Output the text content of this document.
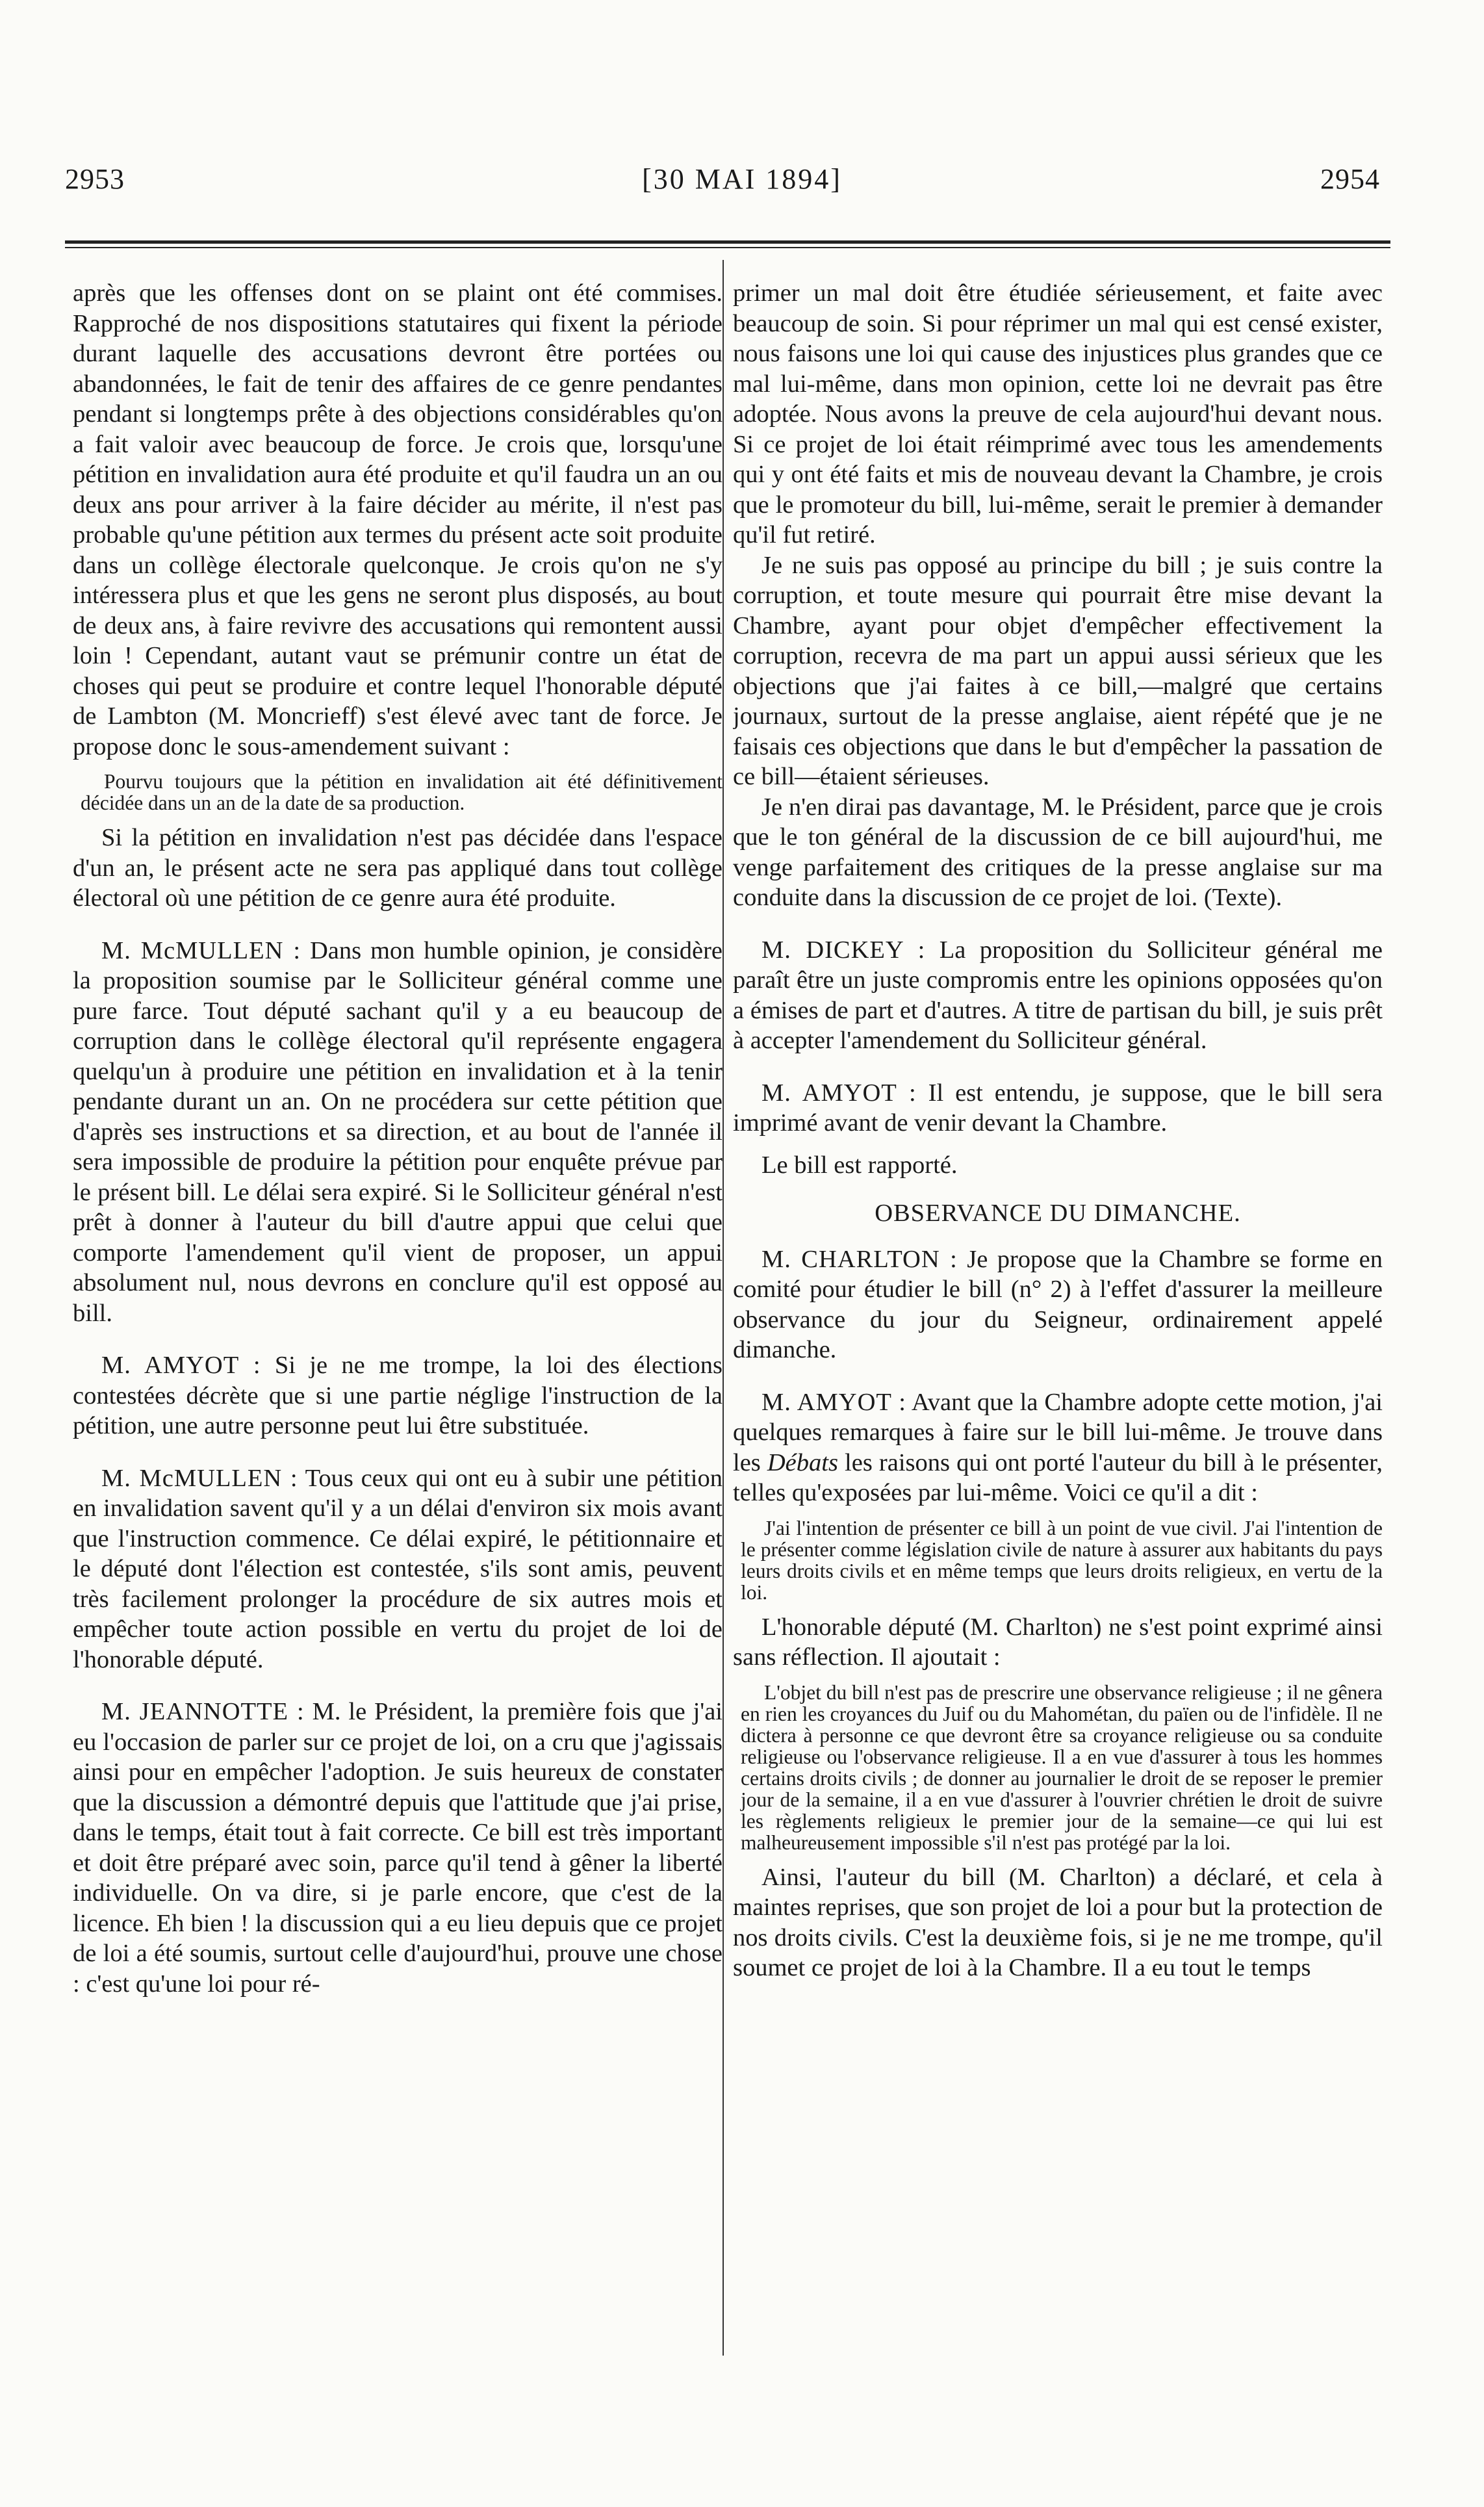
2953	[30 MAI 1894]	2954

après que les offenses dont on se plaint ont été commises. Rapproché de nos dispositions statutaires qui fixent la période durant laquelle des accusations devront être portées ou abandonnées, le fait de tenir des affaires de ce genre pendantes pendant si longtemps prête à des objections considérables qu'on a fait valoir avec beaucoup de force. Je crois que, lorsqu'une pétition en invalidation aura été produite et qu'il faudra un an ou deux ans pour arriver à la faire décider au mérite, il n'est pas probable qu'une pétition aux termes du présent acte soit produite dans un collège électorale quelconque. Je crois qu'on ne s'y intéressera plus et que les gens ne seront plus disposés, au bout de deux ans, à faire revivre des accusations qui remontent aussi loin ! Cependant, autant vaut se prémunir contre un état de choses qui peut se produire et contre lequel l'honorable député de Lambton (M. Moncrieff) s'est élevé avec tant de force. Je propose donc le sous-amendement suivant :

Pourvu toujours que la pétition en invalidation ait été définitivement décidée dans un an de la date de sa production.

Si la pétition en invalidation n'est pas décidée dans l'espace d'un an, le présent acte ne sera pas appliqué dans tout collège électoral où une pétition de ce genre aura été produite.

M. McMULLEN : Dans mon humble opinion, je considère la proposition soumise par le Solliciteur général comme une pure farce. Tout député sachant qu'il y a eu beaucoup de corruption dans le collège électoral qu'il représente engagera quelqu'un à produire une pétition en invalidation et à la tenir pendante durant un an. On ne procédera sur cette pétition que d'après ses instructions et sa direction, et au bout de l'année il sera impossible de produire la pétition pour enquête prévue par le présent bill. Le délai sera expiré. Si le Solliciteur général n'est prêt à donner à l'auteur du bill d'autre appui que celui que comporte l'amendement qu'il vient de proposer, un appui absolument nul, nous devrons en conclure qu'il est opposé au bill.

M. AMYOT : Si je ne me trompe, la loi des élections contestées décrète que si une partie néglige l'instruction de la pétition, une autre personne peut lui être substituée.

M. McMULLEN : Tous ceux qui ont eu à subir une pétition en invalidation savent qu'il y a un délai d'environ six mois avant que l'instruction commence. Ce délai expiré, le pétitionnaire et le député dont l'élection est contestée, s'ils sont amis, peuvent très facilement prolonger la procédure de six autres mois et empêcher toute action possible en vertu du projet de loi de l'honorable député.

M. JEANNOTTE : M. le Président, la première fois que j'ai eu l'occasion de parler sur ce projet de loi, on a cru que j'agissais ainsi pour en empêcher l'adoption. Je suis heureux de constater que la discussion a démontré depuis que l'attitude que j'ai prise, dans le temps, était tout à fait correcte. Ce bill est très important et doit être préparé avec soin, parce qu'il tend à gêner la liberté individuelle. On va dire, si je parle encore, que c'est de la licence. Eh bien ! la discussion qui a eu lieu depuis que ce projet de loi a été soumis, surtout celle d'aujourd'hui, prouve une chose : c'est qu'une loi pour ré-

primer un mal doit être étudiée sérieusement, et faite avec beaucoup de soin. Si pour réprimer un mal qui est censé exister, nous faisons une loi qui cause des injustices plus grandes que ce mal lui-même, dans mon opinion, cette loi ne devrait pas être adoptée. Nous avons la preuve de cela aujourd'hui devant nous. Si ce projet de loi était réimprimé avec tous les amendements qui y ont été faits et mis de nouveau devant la Chambre, je crois que le promoteur du bill, lui-même, serait le premier à demander qu'il fut retiré.

Je ne suis pas opposé au principe du bill ; je suis contre la corruption, et toute mesure qui pourrait être mise devant la Chambre, ayant pour objet d'empêcher effectivement la corruption, recevra de ma part un appui aussi sérieux que les objections que j'ai faites à ce bill,—malgré que certains journaux, surtout de la presse anglaise, aient répété que je ne faisais ces objections que dans le but d'empêcher la passation de ce bill—étaient sérieuses.

Je n'en dirai pas davantage, M. le Président, parce que je crois que le ton général de la discussion de ce bill aujourd'hui, me venge parfaitement des critiques de la presse anglaise sur ma conduite dans la discussion de ce projet de loi. (Texte).

M. DICKEY : La proposition du Solliciteur général me paraît être un juste compromis entre les opinions opposées qu'on a émises de part et d'autres. A titre de partisan du bill, je suis prêt à accepter l'amendement du Solliciteur général.

M. AMYOT : Il est entendu, je suppose, que le bill sera imprimé avant de venir devant la Chambre.

Le bill est rapporté.

OBSERVANCE DU DIMANCHE.

M. CHARLTON : Je propose que la Chambre se forme en comité pour étudier le bill (n° 2) à l'effet d'assurer la meilleure observance du jour du Seigneur, ordinairement appelé dimanche.

M. AMYOT : Avant que la Chambre adopte cette motion, j'ai quelques remarques à faire sur le bill lui-même. Je trouve dans les Débats les raisons qui ont porté l'auteur du bill à le présenter, telles qu'exposées par lui-même. Voici ce qu'il a dit :

J'ai l'intention de présenter ce bill à un point de vue civil. J'ai l'intention de le présenter comme législation civile de nature à assurer aux habitants du pays leurs droits civils et en même temps que leurs droits religieux, en vertu de la loi.

L'honorable député (M. Charlton) ne s'est point exprimé ainsi sans réflection. Il ajoutait :

L'objet du bill n'est pas de prescrire une observance religieuse ; il ne gênera en rien les croyances du Juif ou du Mahométan, du païen ou de l'infidèle. Il ne dictera à personne ce que devront être sa croyance religieuse ou sa conduite religieuse ou l'observance religieuse. Il a en vue d'assurer à tous les hommes certains droits civils ; de donner au journalier le droit de se reposer le premier jour de la semaine, il a en vue d'assurer à l'ouvrier chrétien le droit de suivre les règlements religieux le premier jour de la semaine—ce qui lui est malheureusement impossible s'il n'est pas protégé par la loi.

Ainsi, l'auteur du bill (M. Charlton) a déclaré, et cela à maintes reprises, que son projet de loi a pour but la protection de nos droits civils. C'est la deuxième fois, si je ne me trompe, qu'il soumet ce projet de loi à la Chambre. Il a eu tout le temps
